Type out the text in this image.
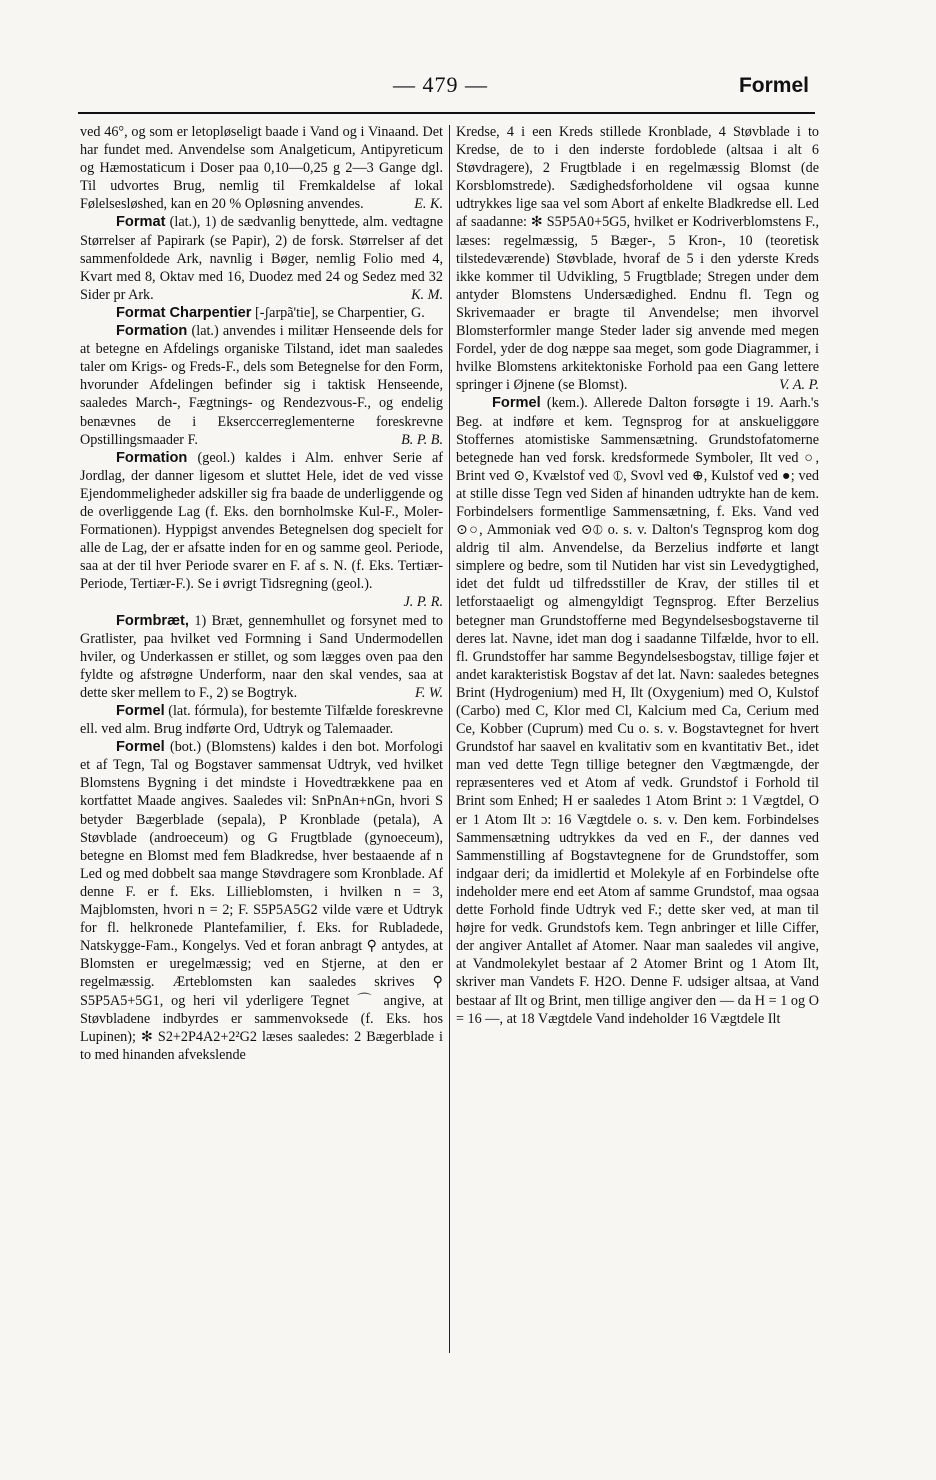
— 479 —	Formel

ved 46°, og som er letopløseligt baade i Vand og i Vinaand. Det har fundet med. Anvendelse som Analgeticum, Antipyreticum og Hæmostaticum i Doser paa 0,10—0,25 g 2—3 Gange dgl. Til udvortes Brug, nemlig til Fremkaldelse af lokal Følelsesløshed, kan en 20 % Opløsning anvendes.	E. K.

Format (lat.), 1) de sædvanlig benyttede, alm. vedtagne Størrelser af Papirark (se Papir), 2) de forsk. Størrelser af det sammenfoldede Ark, navnlig i Bøger, nemlig Folio med 4, Kvart med 8, Oktav med 16, Duodez med 24 og Sedez med 32 Sider pr Ark.	K. M.

Format Charpentier [-ʃarpã'tie], se Charpentier, G.

Formation (lat.) anvendes i militær Henseende dels for at betegne en Afdelings organiske Tilstand, idet man saaledes taler om Krigs- og Freds-F., dels som Betegnelse for den Form, hvorunder Afdelingen befinder sig i taktisk Henseende, saaledes March-, Fægtnings- og Rendezvous-F., og endelig benævnes de i Ekserccerreglementerne foreskrevne Opstillingsmaader F.	B. P. B.

Formation (geol.) kaldes i Alm. enhver Serie af Jordlag, der danner ligesom et sluttet Hele, idet de ved visse Ejendommeligheder adskiller sig fra baade de underliggende og de overliggende Lag (f. Eks. den bornholmske Kul-F., Moler-Formationen). Hyppigst anvendes Betegnelsen dog specielt for alle de Lag, der er afsatte inden for en og samme geol. Periode, saa at der til hver Periode svarer en F. af s. N. (f. Eks. Tertiær-Periode, Tertiær-F.). Se i øvrigt Tidsregning (geol.).
J. P. R.

Formbræt, 1) Bræt, gennemhullet og forsynet med to Gratlister, paa hvilket ved Formning i Sand Undermodellen hviler, og Underkassen er stillet, og som lægges oven paa den fyldte og afstrøgne Underform, naar den skal vendes, saa at dette sker mellem to F., 2) se Bogtryk.	F. W.

Formel (lat. fórmula), for bestemte Tilfælde foreskrevne ell. ved alm. Brug indførte Ord, Udtryk og Talemaader.

Formel (bot.) (Blomstens) kaldes i den bot. Morfologi et af Tegn, Tal og Bogstaver sammensat Udtryk, ved hvilket Blomstens Bygning i det mindste i Hovedtrækkene paa en kortfattet Maade angives. Saaledes vil: SnPnAn+nGn, hvori S betyder Bægerblade (sepala), P Kronblade (petala), A Støvblade (androeceum) og G Frugtblade (gynoeceum), betegne en Blomst med fem Bladkredse, hver bestaaende af n Led og med dobbelt saa mange Støvdragere som Kronblade. Af denne F. er f. Eks. Lillieblomsten, i hvilken n = 3, Majblomsten, hvori n = 2; F. S5P5A5G2 vilde være et Udtryk for fl. helkronede Plantefamilier, f. Eks. for Rubladede, Natskygge-Fam., Kongelys. Ved et foran anbragt ⚲ antydes, at Blomsten er uregelmæssig; ved en Stjerne, at den er regelmæssig. Ærteblomsten kan saaledes skrives ⚲ S5P5A5+5G1, og heri vil yderligere Tegnet ⌒ angive, at Støvbladene indbyrdes er sammenvoksede (f. Eks. hos Lupinen); ✻ S2+2P4A2+2²G2 læses saaledes: 2 Bægerblade i to med hinanden afvekslende

Kredse, 4 i een Kreds stillede Kronblade, 4 Støvblade i to Kredse, de to i den inderste fordoblede (altsaa i alt 6 Støvdragere), 2 Frugtblade i en regelmæssig Blomst (de Korsblomstrede). Sædighedsforholdene vil ogsaa kunne udtrykkes lige saa vel som Abort af enkelte Bladkredse ell. Led af saadanne: ✻ S5P5A0+5G5, hvilket er Kodriverblomstens F., læses: regelmæssig, 5 Bæger-, 5 Kron-, 10 (teoretisk tilstedeværende) Støvblade, hvoraf de 5 i den yderste Kreds ikke kommer til Udvikling, 5 Frugtblade; Stregen under dem antyder Blomstens Undersædighed. Endnu fl. Tegn og Skrivemaader er bragte til Anvendelse; men ihvorvel Blomsterformler mange Steder lader sig anvende med megen Fordel, yder de dog næppe saa meget, som gode Diagrammer, i hvilke Blomstens arkitektoniske Forhold paa een Gang lettere springer i Øjnene (se Blomst).	V. A. P.

Formel (kem.). Allerede Dalton forsøgte i 19. Aarh.'s Beg. at indføre et kem. Tegnsprog for at anskueliggøre Stoffernes atomistiske Sammensætning. Grundstofatomerne betegnede han ved forsk. kredsformede Symboler, Ilt ved ○, Brint ved ⊙, Kvælstof ved ⦶, Svovl ved ⊕, Kulstof ved ●; ved at stille disse Tegn ved Siden af hinanden udtrykte han de kem. Forbindelsers formentlige Sammensætning, f. Eks. Vand ved ⊙○, Ammoniak ved ⊙⦶ o. s. v. Dalton's Tegnsprog kom dog aldrig til alm. Anvendelse, da Berzelius indførte et langt simplere og bedre, som til Nutiden har vist sin Levedygtighed, idet det fuldt ud tilfredsstiller de Krav, der stilles til et letforstaaeligt og almengyldigt Tegnsprog. Efter Berzelius betegner man Grundstofferne med Begyndelsesbogstaverne til deres lat. Navne, idet man dog i saadanne Tilfælde, hvor to ell. fl. Grundstoffer har samme Begyndelsesbogstav, tillige føjer et andet karakteristisk Bogstav af det lat. Navn: saaledes betegnes Brint (Hydrogenium) med H, Ilt (Oxygenium) med O, Kulstof (Carbo) med C, Klor med Cl, Kalcium med Ca, Cerium med Ce, Kobber (Cuprum) med Cu o. s. v. Bogstavtegnet for hvert Grundstof har saavel en kvalitativ som en kvantitativ Bet., idet man ved dette Tegn tillige betegner den Vægtmængde, der repræsenteres ved et Atom af vedk. Grundstof i Forhold til Brint som Enhed; H er saaledes 1 Atom Brint ɔ: 1 Vægtdel, O er 1 Atom Ilt ɔ: 16 Vægtdele o. s. v. Den kem. Forbindelses Sammensætning udtrykkes da ved en F., der dannes ved Sammenstilling af Bogstavtegnene for de Grundstoffer, som indgaar deri; da imidlertid et Molekyle af en Forbindelse ofte indeholder mere end eet Atom af samme Grundstof, maa ogsaa dette Forhold finde Udtryk ved F.; dette sker ved, at man til højre for vedk. Grundstofs kem. Tegn anbringer et lille Ciffer, der angiver Antallet af Atomer. Naar man saaledes vil angive, at Vandmolekylet bestaar af 2 Atomer Brint og 1 Atom Ilt, skriver man Vandets F. H2O. Denne F. udsiger altsaa, at Vand bestaar af Ilt og Brint, men tillige angiver den — da H = 1 og O = 16 —, at 18 Vægtdele Vand indeholder 16 Vægtdele Ilt
